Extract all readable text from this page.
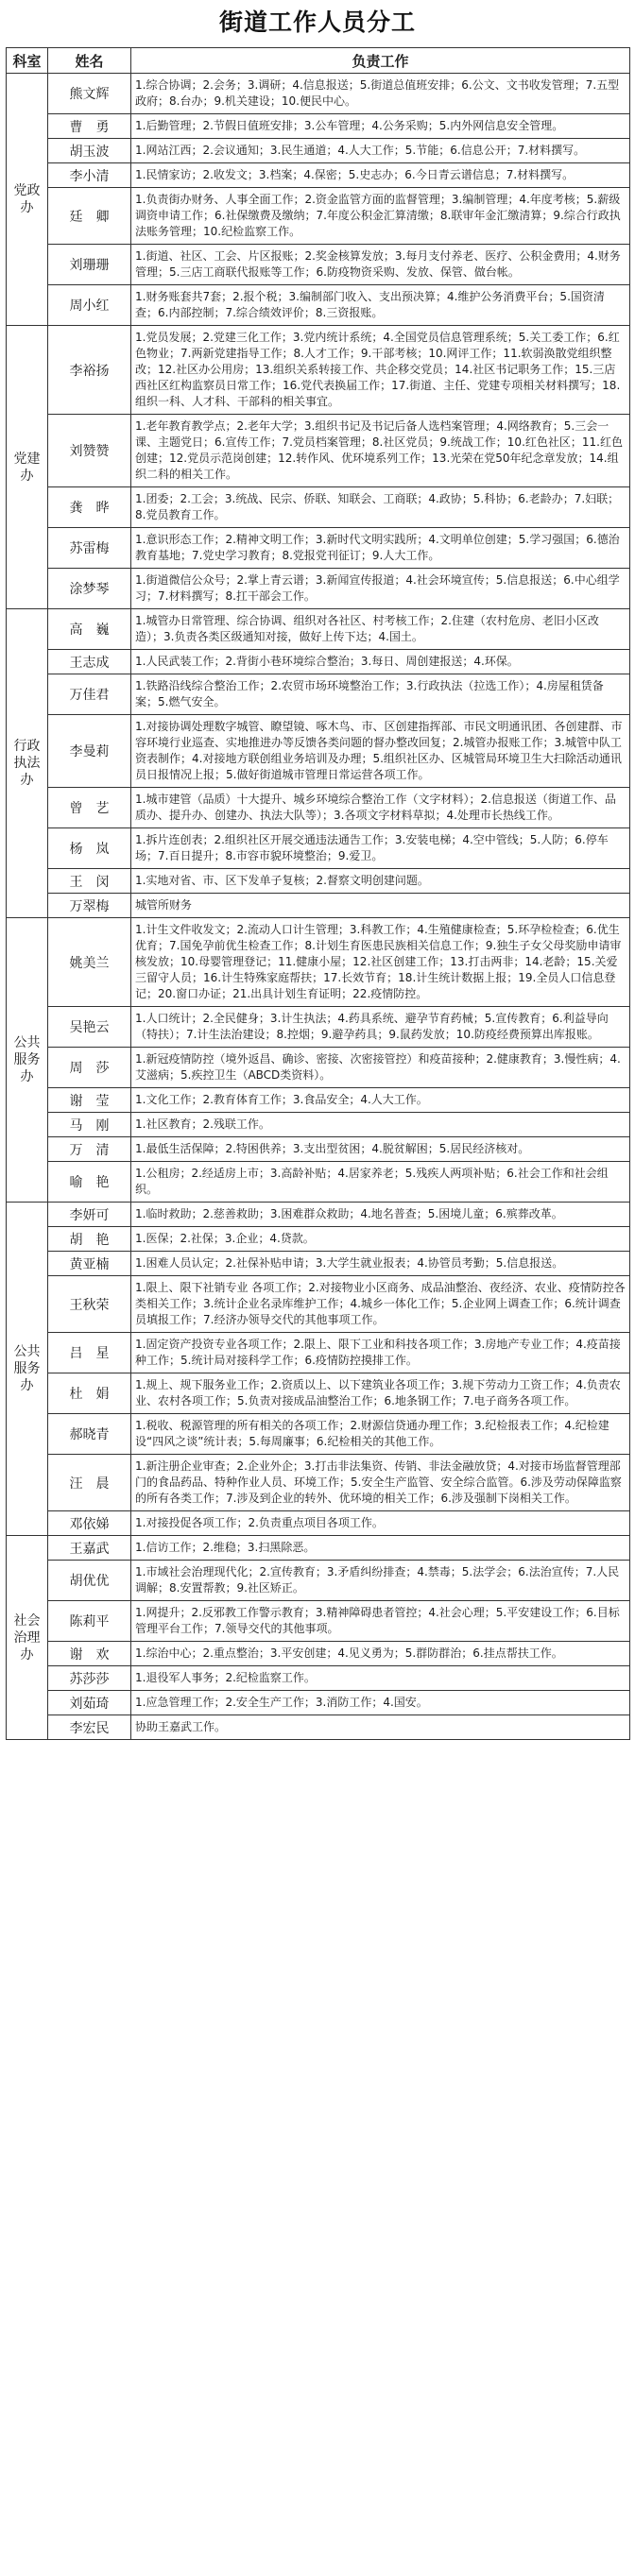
街道工作人员分工
科室	姓名	负责工作
党政办	熊文辉	1.综合协调；2.会务；3.调研；4.信息报送；5.街道总值班安排；6.公文、文书收发管理；7.五型政府；8.台办；9.机关建设；10.便民中心。
	曹　勇	1.后勤管理；2.节假日值班安排；3.公车管理；4.公务采购；5.内外网信息安全管理。
	胡玉波	1.网站江西；2.会议通知；3.民生通道；4.人大工作；5.节能；6.信息公开；7.材料撰写。
	李小清	1.民情家访；2.收发文；3.档案；4.保密；5.史志办；6.今日青云谱信息；7.材料撰写。
	廷　卿	1.负责街办财务、人事全面工作；2.资金监管方面的监督管理；3.编制管理；4.年度考核；5.薪级调资申请工作；6.社保缴费及缴纳；7.年度公积金汇算清缴；8.联审年金汇缴清算；9.综合行政执法账务管理；10.纪检监察工作。
	刘珊珊	1.街道、社区、工会、片区报账；2.奖金核算发放；3.每月支付养老、医疗、公积金费用；4.财务管理；5.三店工商联代报账等工作；6.防疫物资采购、发放、保管、做台帐。
	周小红	1.财务账套共7套；2.报个税；3.编制部门收入、支出预决算；4.维护公务消费平台；5.国资清查；6.内部控制；7.综合绩效评价；8.三资报账。
党建办	李裕扬	1.党员发展；2.党建三化工作；3.党内统计系统；4.全国党员信息管理系统；5.关工委工作；6.红色物业；7.两新党建指导工作；8.人才工作；9.干部考核；10.网评工作；11.软弱涣散党组织整改；12.社区办公用房；13.组织关系转接工作、共企移交党员；14.社区书记职务工作；15.三店西社区红构监察员日常工作；16.党代表换届工作；17.街道、主任、党建专项相关材料撰写；18.组织一科、人才科、干部科的相关事宜。
	刘赞赞	1.老年教育教学点；2.老年大学；3.组织书记及书记后备人选档案管理；4.网络教育；5.三会一课、主题党日；6.宣传工作；7.党员档案管理；8.社区党员；9.统战工作；10.红色社区；11.红色创建；12.党员示范岗创建；12.转作风、优环境系列工作；13.光荣在党50年纪念章发放；14.组织二科的相关工作。
	龚　晔	1.团委；2.工会；3.统战、民宗、侨联、知联会、工商联；4.政协；5.科协；6.老龄办；7.妇联；8.党员教育工作。
	苏雷梅	1.意识形态工作；2.精神文明工作；3.新时代文明实践所；4.文明单位创建；5.学习强国；6.德治教育基地；7.党史学习教育；8.党报党刊征订；9.人大工作。
	涂梦琴	1.街道微信公众号；2.掌上青云谱；3.新闻宣传报道；4.社会环境宣传；5.信息报送；6.中心组学习；7.材料撰写；8.扛干部会工作。
行政执法办	高　巍	1.城管办日常管理、综合协调、组织对各社区、村考核工作；2.住建（农村危房、老旧小区改造）；3.负责各类区级通知对接，做好上传下达；4.国土。
	王志成	1.人民武装工作；2.背街小巷环境综合整治；3.每日、周创建报送；4.环保。
	万佳君	1.铁路沿线综合整治工作；2.农贸市场环境整治工作；3.行政执法（拉选工作）；4.房屋租赁备案；5.燃气安全。
	李曼莉	1.对接协调处理数字城管、瞭望镜、啄木鸟、市、区创建指挥部、市民文明通讯团、各创建群、市容环境行业巡查、实地推进办等反馈各类问题的督办整改回复；2.城管办报账工作；3.城管中队工资表制作；4.对接地方联创组业务培训及办理；5.组织社区办、区城管局环境卫生大扫除活动通讯员日报情况上报；5.做好街道城市管理日常运营各项工作。
	曾　艺	1.城市建管（品质）十大提升、城乡环境综合整治工作（文字材料）；2.信息报送（街道工作、品质办、提升办、创建办、执法大队等）；3.各项文字材料草拟；4.处理市长热线工作。
	杨　岚	1.拆片连创表；2.组织社区开展交通违法通告工作；3.安装电梯；4.空中管线；5.人防；6.停车场；7.百日提升；8.市容市貌环境整治；9.爱卫。
	王　闵	1.实地对省、市、区下发单子复核；2.督察文明创建问题。
	万翠梅	城管所财务
公共服务办	姚美兰	1.计生文件收发文；2.流动人口计生管理；3.科教工作；4.生殖健康检查；5.环孕检检查；6.优生优育；7.国免孕前优生检查工作；8.计划生育医患民族相关信息工作；9.独生子女父母奖励申请审核发放；10.母婴管理登记；11.健康小屋；12.社区创建工作；13.打击两非；14.老龄；15.关爱三留守人员；16.计生特殊家庭帮扶；17.长效节育；18.计生统计数据上报；19.全员人口信息登记；20.窗口办证；21.出具计划生育证明；22.疫情防控。
	吴艳云	1.人口统计；2.全民健身；3.计生执法；4.药具系统、避孕节育药械；5.宣传教育；6.利益导向（特扶）；7.计生法治建设；8.控烟；9.避孕药具；9.鼠药发放；10.防疫经费预算出库报账。
	周　莎	1.新冠疫情防控（境外返昌、确诊、密接、次密接管控）和疫苗接种；2.健康教育；3.慢性病；4.艾滋病；5.疾控卫生（ABCD类资料）。
	谢　莹	1.文化工作；2.教育体育工作；3.食品安全；4.人大工作。
	马　刚	1.社区教育；2.残联工作。
	万　清	1.最低生活保障；2.特困供养；3.支出型贫困；4.脱贫解困；5.居民经济核对。
	喻　艳	1.公租房；2.经适房上市；3.高龄补贴；4.居家养老；5.残疾人两项补贴；6.社会工作和社会组织。
公共服务办	李妍可	1.临时救助；2.慈善救助；3.困难群众救助；4.地名普查；5.困境儿童；6.殡葬改革。
	胡　艳	1.医保；2.社保；3.企业；4.贷款。
	黄亚楠	1.困难人员认定；2.社保补贴申请；3.大学生就业报表；4.协管员考勤；5.信息报送。
	王秋荣	1.限上、限下社销专业 各项工作；2.对接物业小区商务、成品油整治、夜经济、农业、疫情防控各类相关工作；3.统计企业名录库维护工作；4.城乡一体化工作；5.企业网上调查工作；6.统计调查员填报工作；7.经济办领导交代的其他事项工作。
	吕　星	1.固定资产投资专业各项工作；2.限上、限下工业和科技各项工作；3.房地产专业工作；4.疫苗接种工作；5.统计局对接科学工作；6.疫情防控摸排工作。
	杜　娟	1.规上、规下服务业工作；2.资质以上、以下建筑业各项工作；3.规下劳动力工资工作；4.负责农业、农村各项工作；5.负责对接成品油整治工作；6.地条钢工作；7.电子商务各项工作。
	郝晓青	1.税收、税源管理的所有相关的各项工作；2.财源信贷通办理工作；3.纪检报表工作；4.纪检建设“四风之谈”统计表；5.每周廉事；6.纪检相关的其他工作。
	汪　晨	1.新注册企业审查；2.企业外企；3.打击非法集资、传销、非法金融放贷；4.对接市场监督管理部门的食品药品、特种作业人员、环境工作；5.安全生产监管、安全综合监管。6.涉及劳动保障监察的所有各类工作；7.涉及到企业的转外、优环境的相关工作；6.涉及强制下岗相关工作。
	邓依娣	1.对接投促各项工作；2.负责重点项目各项工作。
社会治理办	王嘉武	1.信访工作；2.维稳；3.扫黑除恶。
	胡优优	1.市域社会治理现代化；2.宣传教育；3.矛盾纠纷排查；4.禁毒；5.法学会；6.法治宣传；7.人民调解；8.安置帮教；9.社区矫正。
	陈莉平	1.网提升；2.反邪教工作警示教育；3.精神障碍患者管控；4.社会心理；5.平安建设工作；6.目标管理平台工作；7.领导交代的其他事项。
	谢　欢	1.综治中心；2.重点整治；3.平安创建；4.见义勇为；5.群防群治；6.挂点帮扶工作。
	苏莎莎	1.退役军人事务；2.纪检监察工作。
	刘茹琦	1.应急管理工作；2.安全生产工作；3.消防工作；4.国安。
	李宏民	协助王嘉武工作。
